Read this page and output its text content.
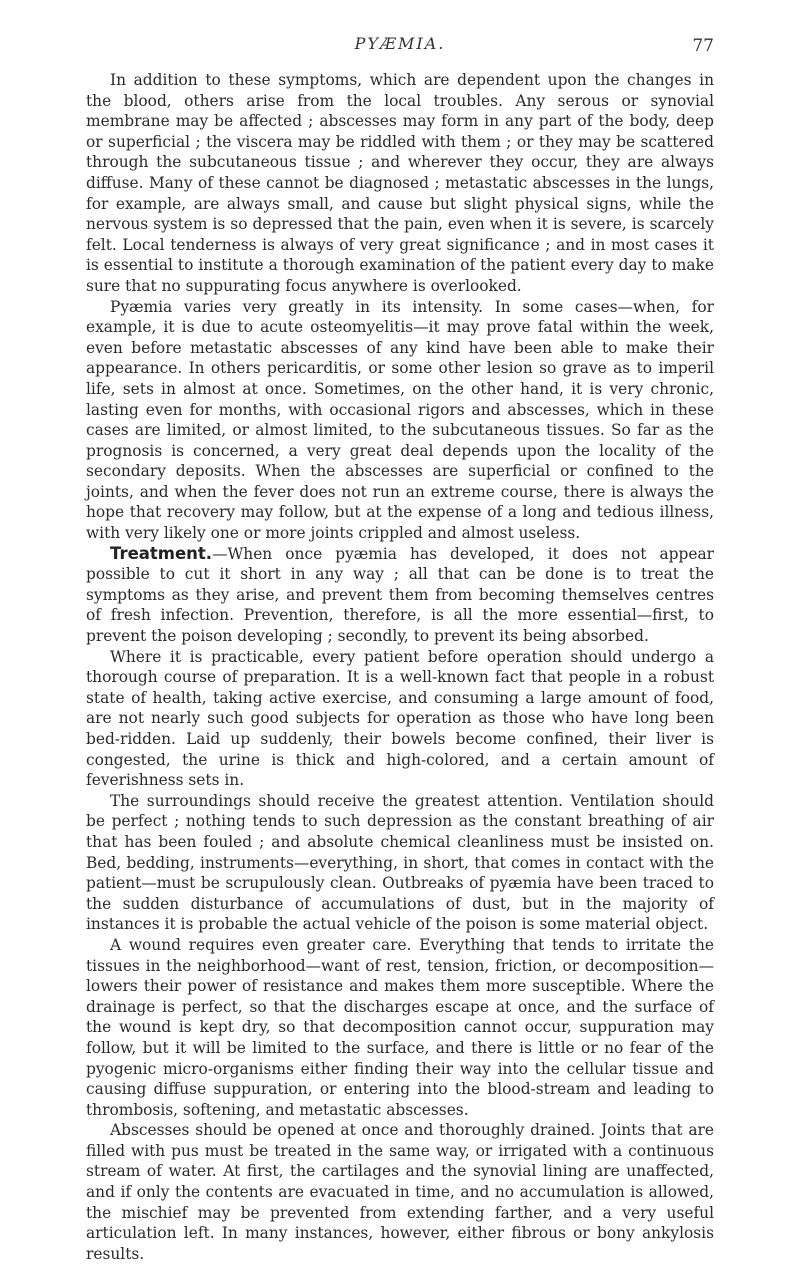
PYÆMIA.	77

In addition to these symptoms, which are dependent upon the changes in the blood, others arise from the local troubles. Any serous or synovial membrane may be affected ; abscesses may form in any part of the body, deep or superficial ; the viscera may be riddled with them ; or they may be scattered through the subcutaneous tissue ; and wherever they occur, they are always diffuse. Many of these cannot be diagnosed ; metastatic abscesses in the lungs, for example, are always small, and cause but slight physical signs, while the nervous system is so depressed that the pain, even when it is severe, is scarcely felt. Local tenderness is always of very great significance ; and in most cases it is essential to institute a thorough examination of the patient every day to make sure that no suppurating focus anywhere is overlooked.

Pyæmia varies very greatly in its intensity. In some cases—when, for example, it is due to acute osteomyelitis—it may prove fatal within the week, even before metastatic abscesses of any kind have been able to make their appearance. In others pericarditis, or some other lesion so grave as to imperil life, sets in almost at once. Sometimes, on the other hand, it is very chronic, lasting even for months, with occasional rigors and abscesses, which in these cases are limited, or almost limited, to the subcutaneous tissues. So far as the prognosis is concerned, a very great deal depends upon the locality of the secondary deposits. When the abscesses are superficial or confined to the joints, and when the fever does not run an extreme course, there is always the hope that recovery may follow, but at the expense of a long and tedious illness, with very likely one or more joints crippled and almost useless.

Treatment.—When once pyæmia has developed, it does not appear possible to cut it short in any way ; all that can be done is to treat the symptoms as they arise, and prevent them from becoming themselves centres of fresh infection. Prevention, therefore, is all the more essential—first, to prevent the poison developing ; secondly, to prevent its being absorbed.

Where it is practicable, every patient before operation should undergo a thorough course of preparation. It is a well-known fact that people in a robust state of health, taking active exercise, and consuming a large amount of food, are not nearly such good subjects for operation as those who have long been bed-ridden. Laid up suddenly, their bowels become confined, their liver is congested, the urine is thick and high-colored, and a certain amount of feverishness sets in.

The surroundings should receive the greatest attention. Ventilation should be perfect ; nothing tends to such depression as the constant breathing of air that has been fouled ; and absolute chemical cleanliness must be insisted on. Bed, bedding, instruments—everything, in short, that comes in contact with the patient—must be scrupulously clean. Outbreaks of pyæmia have been traced to the sudden disturbance of accumulations of dust, but in the majority of instances it is probable the actual vehicle of the poison is some material object.

A wound requires even greater care. Everything that tends to irritate the tissues in the neighborhood—want of rest, tension, friction, or decomposition—lowers their power of resistance and makes them more susceptible. Where the drainage is perfect, so that the discharges escape at once, and the surface of the wound is kept dry, so that decomposition cannot occur, suppuration may follow, but it will be limited to the surface, and there is little or no fear of the pyogenic micro-organisms either finding their way into the cellular tissue and causing diffuse suppuration, or entering into the blood-stream and leading to thrombosis, softening, and metastatic abscesses.

Abscesses should be opened at once and thoroughly drained. Joints that are filled with pus must be treated in the same way, or irrigated with a continuous stream of water. At first, the cartilages and the synovial lining are unaffected, and if only the contents are evacuated in time, and no accumulation is allowed, the mischief may be prevented from extending farther, and a very useful articulation left. In many instances, however, either fibrous or bony ankylosis results.
